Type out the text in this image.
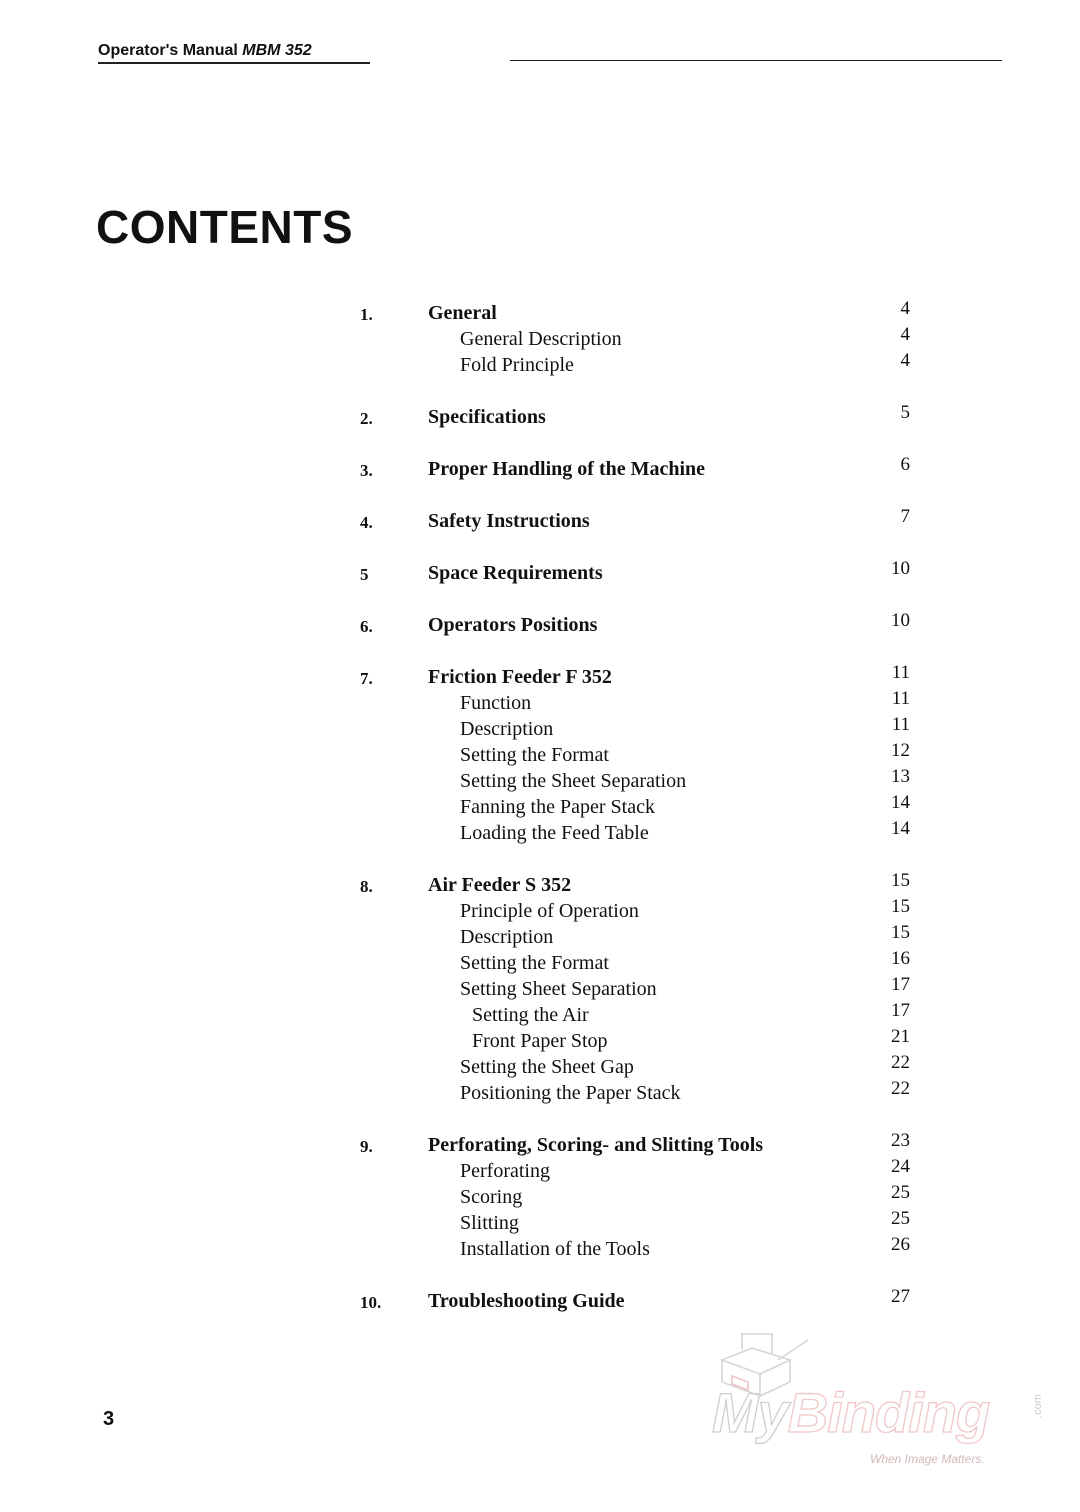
Operator's Manual MBM 352
CONTENTS
1.	General	4
General Description	4
Fold Principle	4
2.	Specifications	5
3.	Proper Handling of the Machine	6
4.	Safety Instructions	7
5	Space Requirements	10
6.	Operators Positions	10
7.	Friction Feeder F 352	11
Function	11
Description	11
Setting the Format	12
Setting the Sheet Separation	13
Fanning the Paper Stack	14
Loading the Feed Table	14
8.	Air Feeder S 352	15
Principle of Operation	15
Description	15
Setting the Format	16
Setting Sheet Separation	17
Setting the Air	17
Front Paper Stop	21
Setting the Sheet Gap	22
Positioning the Paper Stack	22
9.	Perforating, Scoring- and Slitting Tools	23
Perforating	24
Scoring	25
Slitting	25
Installation of the Tools	26
10. Troubleshooting Guide	27
3	MyBinding	.com
When Image Matters.
